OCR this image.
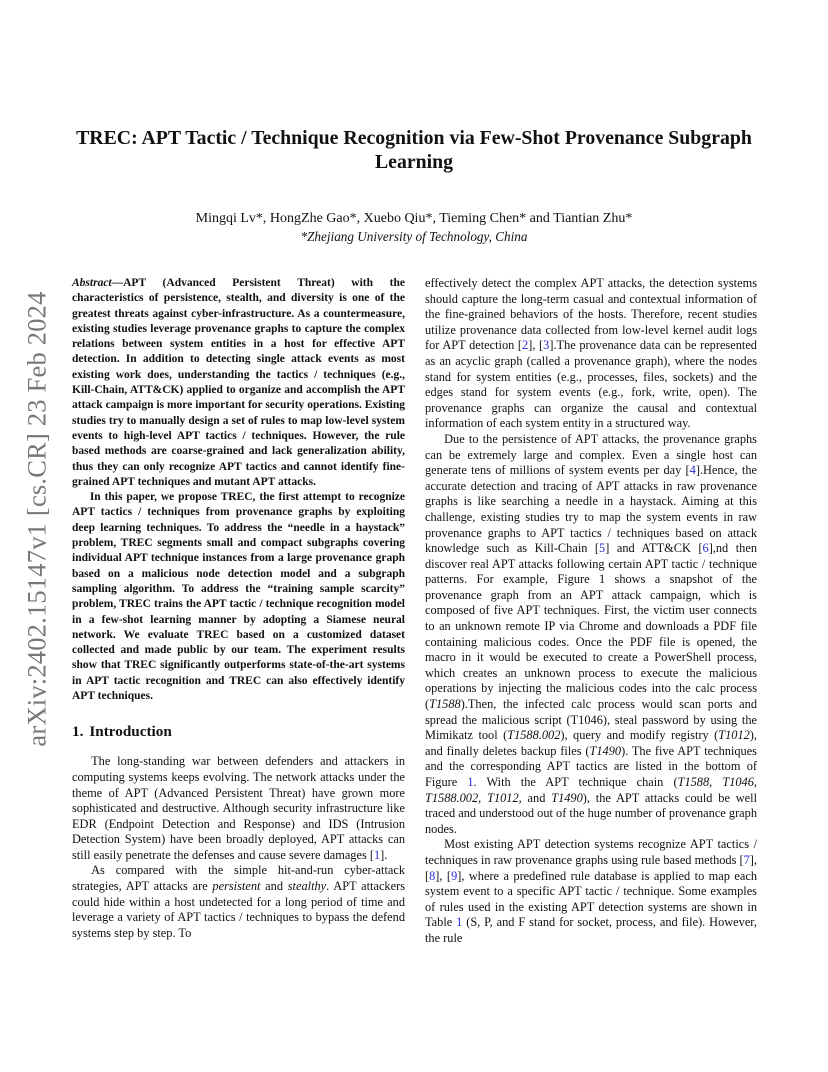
arXiv:2402.15147v1 [cs.CR] 23 Feb 2024
TREC: APT Tactic / Technique Recognition via Few-Shot Provenance Subgraph Learning

Mingqi Lv*, HongZhe Gao*, Xuebo Qiu*, Tieming Chen* and Tiantian Zhu*

*Zhejiang University of Technology, China

Abstract—APT (Advanced Persistent Threat) with the characteristics of persistence, stealth, and diversity is one of the greatest threats against cyber-infrastructure. As a countermeasure, existing studies leverage provenance graphs to capture the complex relations between system entities in a host for effective APT detection. In addition to detecting single attack events as most existing work does, understanding the tactics / techniques (e.g., Kill-Chain, ATT&CK) applied to organize and accomplish the APT attack campaign is more important for security operations. Existing studies try to manually design a set of rules to map low-level system events to high-level APT tactics / techniques. However, the rule based methods are coarse-grained and lack generalization ability, thus they can only recognize APT tactics and cannot identify fine-grained APT techniques and mutant APT attacks.

In this paper, we propose TREC, the first attempt to recognize APT tactics / techniques from provenance graphs by exploiting deep learning techniques. To address the “needle in a haystack” problem, TREC segments small and compact subgraphs covering individual APT technique instances from a large provenance graph based on a malicious node detection model and a subgraph sampling algorithm. To address the “training sample scarcity” problem, TREC trains the APT tactic / technique recognition model in a few-shot learning manner by adopting a Siamese neural network. We evaluate TREC based on a customized dataset collected and made public by our team. The experiment results show that TREC significantly outperforms state-of-the-art systems in APT tactic recognition and TREC can also effectively identify APT techniques.

1. Introduction

The long-standing war between defenders and attackers in computing systems keeps evolving. The network attacks under the theme of APT (Advanced Persistent Threat) have grown more sophisticated and destructive. Although security infrastructure like EDR (Endpoint Detection and Response) and IDS (Intrusion Detection System) have been broadly deployed, APT attacks can still easily penetrate the defenses and cause severe damages [1].

As compared with the simple hit-and-run cyber-attack strategies, APT attacks are persistent and stealthy. APT attackers could hide within a host undetected for a long period of time and leverage a variety of APT tactics / techniques to bypass the defend systems step by step. To

effectively detect the complex APT attacks, the detection systems should capture the long-term casual and contextual information of the fine-grained behaviors of the hosts. Therefore, recent studies utilize provenance data collected from low-level kernel audit logs for APT detection [2], [3].The provenance data can be represented as an acyclic graph (called a provenance graph), where the nodes stand for system entities (e.g., processes, files, sockets) and the edges stand for system events (e.g., fork, write, open). The provenance graphs can organize the causal and contextual information of each system entity in a structured way.

Due to the persistence of APT attacks, the provenance graphs can be extremely large and complex. Even a single host can generate tens of millions of system events per day [4].Hence, the accurate detection and tracing of APT attacks in raw provenance graphs is like searching a needle in a haystack. Aiming at this challenge, existing studies try to map the system events in raw provenance graphs to APT tactics / techniques based on attack knowledge such as Kill-Chain [5] and ATT&CK [6],nd then discover real APT attacks following certain APT tactic / technique patterns. For example, Figure 1 shows a snapshot of the provenance graph from an APT attack campaign, which is composed of five APT techniques. First, the victim user connects to an unknown remote IP via Chrome and downloads a PDF file containing malicious codes. Once the PDF file is opened, the macro in it would be executed to create a PowerShell process, which creates an unknown process to execute the malicious operations by injecting the malicious codes into the calc process (T1588).Then, the infected calc process would scan ports and spread the malicious script (T1046), steal password by using the Mimikatz tool (T1588.002), query and modify registry (T1012), and finally deletes backup files (T1490). The five APT techniques and the corresponding APT tactics are listed in the bottom of Figure 1. With the APT technique chain (T1588, T1046, T1588.002, T1012, and T1490), the APT attacks could be well traced and understood out of the huge number of provenance graph nodes.

Most existing APT detection systems recognize APT tactics / techniques in raw provenance graphs using rule based methods [7], [8], [9], where a predefined rule database is applied to map each system event to a specific APT tactic / technique. Some examples of rules used in the existing APT detection systems are shown in Table 1 (S, P, and F stand for socket, process, and file). However, the rule
